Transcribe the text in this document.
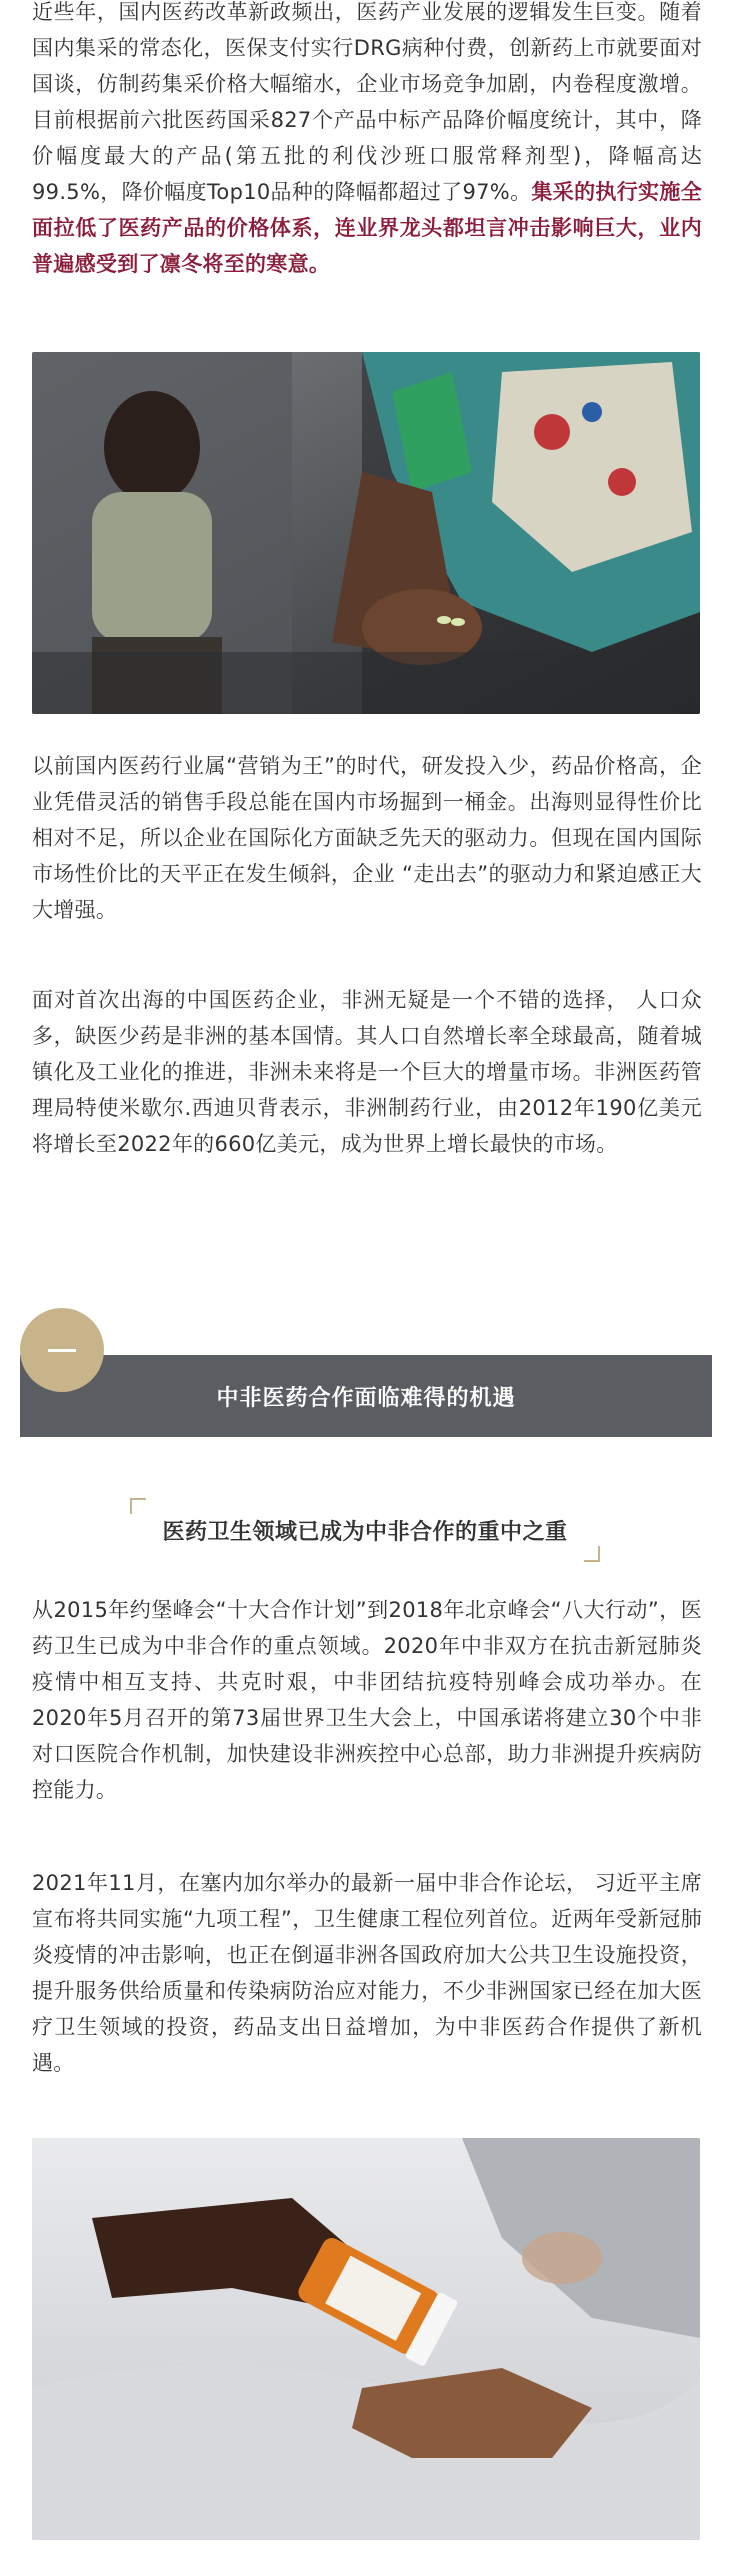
近些年，国内医药改革新政频出，医药产业发展的逻辑发生巨变。随着国内集采的常态化，医保支付实行DRG病种付费，创新药上市就要面对国谈，仿制药集采价格大幅缩水，企业市场竞争加剧，内卷程度激增。目前根据前六批医药国采827个产品中标产品降价幅度统计，其中，降价幅度最大的产品(第五批的利伐沙班口服常释剂型)，降幅高达 99.5%，降价幅度Top10品种的降幅都超过了97%。集采的执行实施全面拉低了医药产品的价格体系，连业界龙头都坦言冲击影响巨大，业内普遍感受到了凛冬将至的寒意。

以前国内医药行业属“营销为王”的时代，研发投入少，药品价格高，企业凭借灵活的销售手段总能在国内市场掘到一桶金。出海则显得性价比相对不足，所以企业在国际化方面缺乏先天的驱动力。但现在国内国际市场性价比的天平正在发生倾斜，企业 “走出去”的驱动力和紧迫感正大大增强。

面对首次出海的中国医药企业，非洲无疑是一个不错的选择， 人口众多，缺医少药是非洲的基本国情。其人口自然增长率全球最高，随着城镇化及工业化的推进，非洲未来将是一个巨大的增量市场。非洲医药管理局特使米歇尔.西迪贝背表示，非洲制药行业，由2012年190亿美元将增长至2022年的660亿美元，成为世界上增长最快的市场。

中非医药合作面临难得的机遇
医药卫生领域已成为中非合作的重中之重

从2015年约堡峰会“十大合作计划”到2018年北京峰会“八大行动”，医药卫生已成为中非合作的重点领域。2020年中非双方在抗击新冠肺炎疫情中相互支持、共克时艰，中非团结抗疫特别峰会成功举办。在2020年5月召开的第73届世界卫生大会上，中国承诺将建立30个中非对口医院合作机制，加快建设非洲疾控中心总部，助力非洲提升疾病防控能力。

2021年11月，在塞内加尔举办的最新一届中非合作论坛， 习近平主席宣布将共同实施“九项工程”，卫生健康工程位列首位。近两年受新冠肺炎疫情的冲击影响，也正在倒逼非洲各国政府加大公共卫生设施投资，提升服务供给质量和传染病防治应对能力，不少非洲国家已经在加大医疗卫生领域的投资，药品支出日益增加，为中非医药合作提供了新机遇。
